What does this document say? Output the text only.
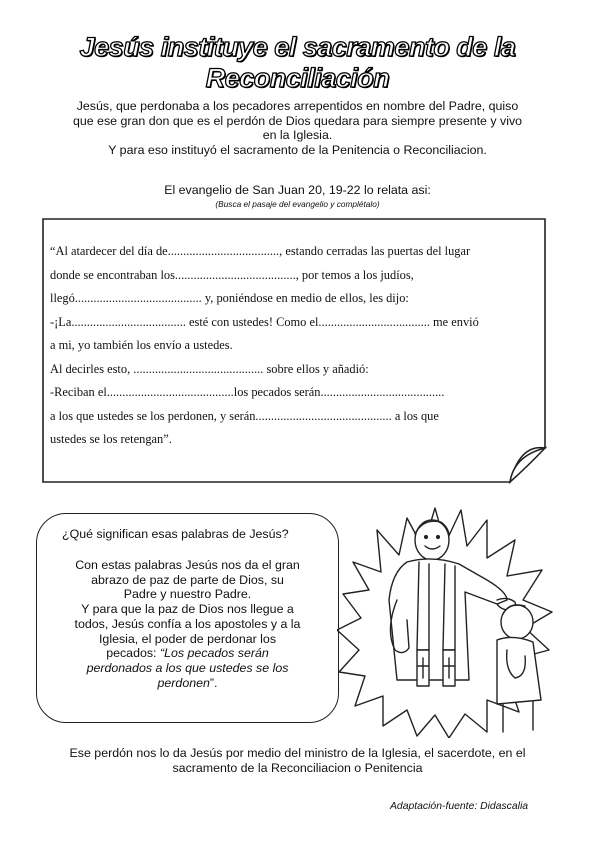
Jesús instituye el sacramento de la Reconciliación

Jesús, que perdonaba a los pecadores arrepentidos en nombre del Padre, quiso

que ese gran don que es el perdón de Dios quedara para siempre presente y vivo

en la Iglesia.

Y para eso instituyó el sacramento de la Penitencia o Reconciliacion.

El evangelio de San Juan 20, 19-22 lo relata asi:
(Busca el pasaje del evangelio y complétalo)
“Al atardecer del día de...................................., estando cerradas las puertas del lugar
donde se encontraban los......................................., por temos a los judíos,
llegó......................................... y, poniéndose en medio de ellos, les dijo:
-¡La..................................... esté con ustedes! Como el.................................... me envió
a mi, yo también los envío a ustedes.
Al decirles esto, .......................................... sobre ellos y añadió:
-Reciban el.........................................los pecados serán........................................
a los que ustedes se los perdonen, y serán............................................ a los que
ustedes se los retengan”.
¿Qué significan esas palabras de Jesús?

Con estas palabras Jesús nos da el gran

abrazo de paz de parte de Dios, su

Padre y nuestro Padre.

Y para que la paz de Dios nos llegue a

todos, Jesús confía a los apostoles y a la

Iglesia, el poder de perdonar los

pecados: “Los pecados serán

perdonados a los que ustedes se los

perdonen”.

Ese perdón nos lo da Jesús por medio del ministro de la Iglesia, el sacerdote, en el
sacramento de la Reconciliacion o Penitencia
Adaptación-fuente: Didascalia
